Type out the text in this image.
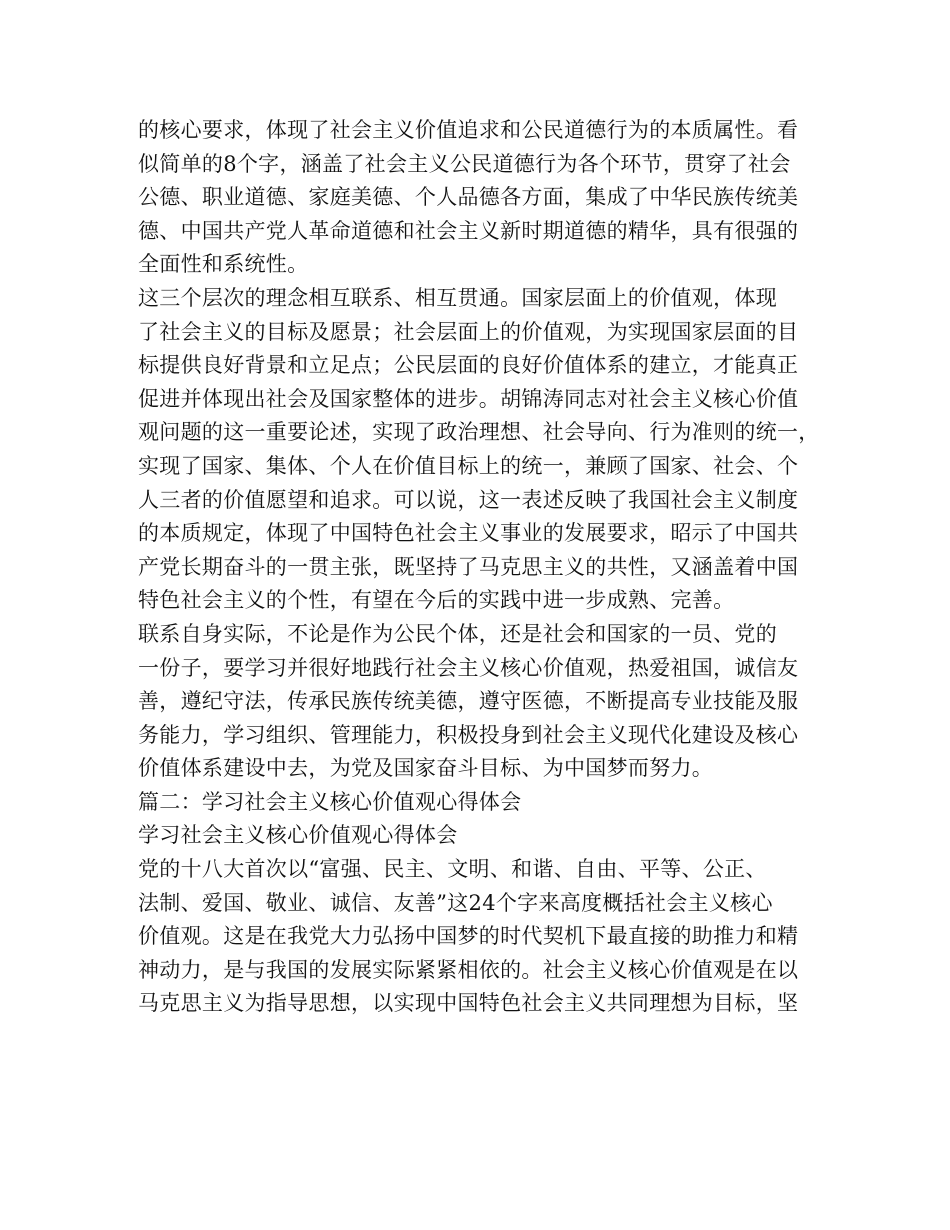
的核心要求，体现了社会主义价值追求和公民道德行为的本质属性。看
似简单的8个字，涵盖了社会主义公民道德行为各个环节，贯穿了社会
公德、职业道德、家庭美德、个人品德各方面，集成了中华民族传统美
德、中国共产党人革命道德和社会主义新时期道德的精华，具有很强的
全面性和系统性。
这三个层次的理念相互联系、相互贯通。国家层面上的价值观，体现
了社会主义的目标及愿景；社会层面上的价值观，为实现国家层面的目
标提供良好背景和立足点；公民层面的良好价值体系的建立，才能真正
促进并体现出社会及国家整体的进步。胡锦涛同志对社会主义核心价值
观问题的这一重要论述，实现了政治理想、社会导向、行为准则的统一，
实现了国家、集体、个人在价值目标上的统一，兼顾了国家、社会、个
人三者的价值愿望和追求。可以说，这一表述反映了我国社会主义制度
的本质规定，体现了中国特色社会主义事业的发展要求，昭示了中国共
产党长期奋斗的一贯主张，既坚持了马克思主义的共性，又涵盖着中国
特色社会主义的个性，有望在今后的实践中进一步成熟、完善。
联系自身实际，不论是作为公民个体，还是社会和国家的一员、党的
一份子，要学习并很好地践行社会主义核心价值观，热爱祖国，诚信友
善，遵纪守法，传承民族传统美德，遵守医德，不断提高专业技能及服
务能力，学习组织、管理能力，积极投身到社会主义现代化建设及核心
价值体系建设中去，为党及国家奋斗目标、为中国梦而努力。
篇二：学习社会主义核心价值观心得体会
学习社会主义核心价值观心得体会
党的十八大首次以“富强、民主、文明、和谐、自由、平等、公正、
法制、爱国、敬业、诚信、友善”这24个字来高度概括社会主义核心
价值观。这是在我党大力弘扬中国梦的时代契机下最直接的助推力和精
神动力，是与我国的发展实际紧紧相依的。社会主义核心价值观是在以
马克思主义为指导思想，以实现中国特色社会主义共同理想为目标，坚
